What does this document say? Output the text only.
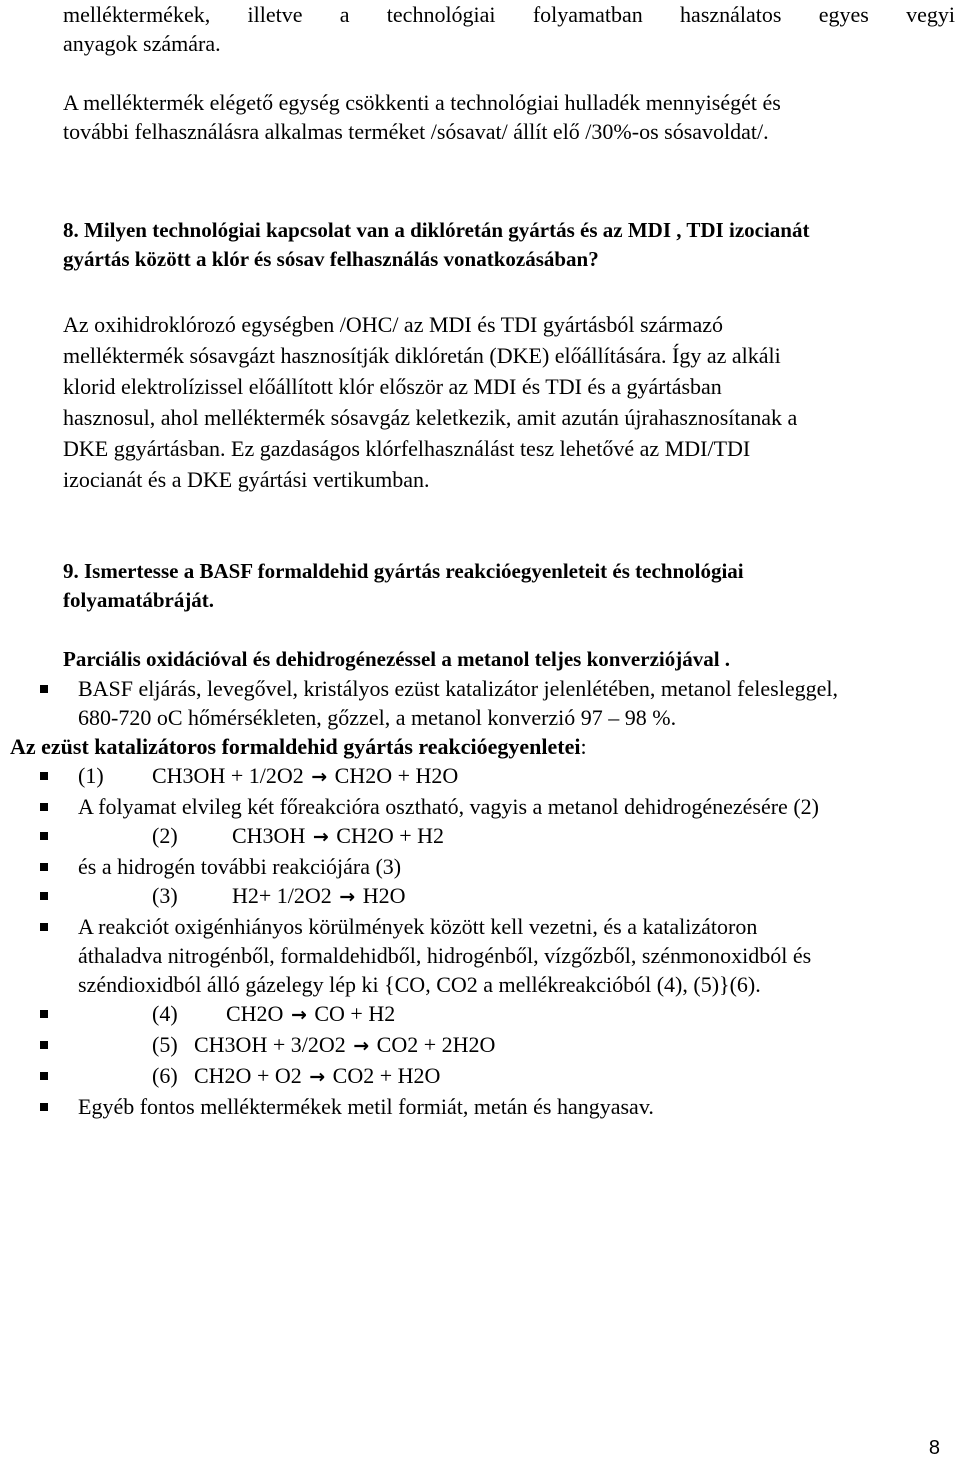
melléktermékek, illetve a technológiai folyamatban használatos egyes vegyi
anyagok számára.

A melléktermék elégető egység csökkenti a technológiai hulladék mennyiségét és
további felhasználásra alkalmas terméket /sósavat/ állít elő /30%-os sósavoldat/.

8. Milyen technológiai kapcsolat van a diklóretán gyártás és az MDI , TDI izocianát
gyártás között a klór és sósav felhasználás vonatkozásában?

Az oxihidroklórozó egységben /OHC/ az MDI és TDI gyártásból származó
melléktermék sósavgázt hasznosítják diklóretán (DKE) előállítására. Így az alkáli
klorid elektrolízissel előállított klór először az MDI és TDI és a gyártásban
hasznosul, ahol melléktermék sósavgáz keletkezik, amit azután újrahasznosítanak a
DKE ggyártásban. Ez gazdaságos klórfelhasználást tesz lehetővé az MDI/TDI
izocianát és a DKE gyártási vertikumban.

9. Ismertesse a BASF formaldehid gyártás reakcióegyenleteit és technológiai
folyamatábráját.

Parciális oxidációval és dehidrogénezéssel a metanol teljes konverziójával .

BASF eljárás, levegővel, kristályos ezüst katalizátor jelenlétében, metanol felesleggel,
680-720 oC hőmérsékleten, gőzzel, a metanol konverzió 97 – 98 %.

Az ezüst katalizátoros formaldehid gyártás reakcióegyenletei:

(1) CH3OH + 1/2O2 → CH2O + H2O
A folyamat elvileg két főreakcióra osztható, vagyis a metanol dehidrogénezésére (2)
(2) CH3OH → CH2O + H2
és a hidrogén további reakciójára (3)
(3) H2+ 1/2O2 → H2O
A reakciót oxigénhiányos körülmények között kell vezetni, és a katalizátoron
áthaladva nitrogénből, formaldehidből, hidrogénből, vízgőzből, szénmonoxidból és
széndioxidból álló gázelegy lép ki {CO, CO2 a mellékreakcióból (4), (5)}(6).
(4) CH2O → CO + H2
(5) CH3OH + 3/2O2 → CO2 + 2H2O
(6) CH2O + O2 → CO2 + H2O
Egyéb fontos melléktermékek metil formiát, metán és hangyasav.
8
